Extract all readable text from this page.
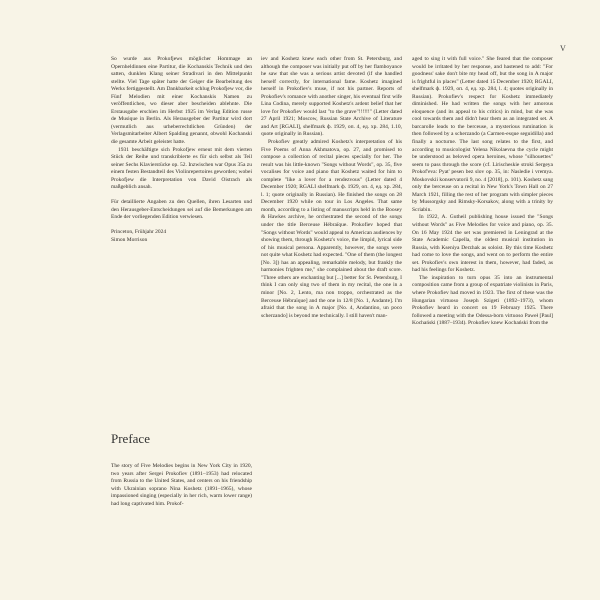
V

So wurde aus Prokofjews möglicher Hommage an Opernheldinnen eine Partitur, die Kochanskis Technik und den satten, dunklen Klang seiner Stradivari in den Mittelpunkt stellte. Viel Tage später hatte der Geiger die Bearbeitung des Werks fertiggestellt. Am Dankbarkeit schlug Prokofjew vor, die Fünf Melodien mit einer Kochanskis Namen zu veröffentlichen, wo dieser aber bescheiden ablehnte. Die Erstausgabe erschien im Herbst 1925 im Verlag Edition russe de Musique in Berlin. Als Herausgeber der Partitur wird dort (vermutlich aus urheberrechtlichen Gründen) der Verlagsmitarbeiter Albert Spalding genannt, obwohl Kochanski die gesamte Arbeit geleistet hatte.

1931 beschäftigte sich Prokofjew erneut mit dem vierten Stück der Reihe und transkribierte es für sich selbst als Teil seiner Sechs Klavierstücke op. 52. Inzwischen war Opus 35a zu einem festen Bestandteil des Violinrepertoires geworden; wobei Prokofjew die Interpretation von David Oistrach als maßgeblich ansah.

Für detaillierte Angaben zu den Quellen, ihren Lesarten und den Herausgeber-Entscheidungen sei auf die Bemerkungen am Ende der vorliegenden Edition verwiesen.

Princeton, Frühjahr 2024

Simon Morrison

Preface

The story of Five Melodies begins in New York City in 1920, two years after Sergei Prokofiev (1891–1953) had relocated from Russia to the United States, and centers on his friendship with Ukrainian soprano Nina Koshetz (1891–1965), whose impassioned singing (especially in her rich, warm lower range) had long captivated him. Prokof-

iev and Koshetz knew each other from St. Petersburg, and although the composer was initially put off by her flamboyance he saw that she was a serious artist devoted (if she handled herself correctly, for international fame. Koshetz imagined herself in Prokofiev's muse, if not his partner. Reports of Prokofiev's romance with another singer, his eventual first wife Lina Codina, merely supported Koshetz's ardent belief that her love for Prokofiev would last "to the grave"!!!!!!" (Letter dated 27 April 1921; Moscow, Russian State Archive of Literature and Art [RGALI], shelfmark ф. 1929, оп. 4, ед. хр. 284, 1.10, quote originally in Russian).

Prokofiev greatly admired Koshetz's interpretation of his Five Poems of Anna Akhmatova, op. 27, and promised to compose a collection of recital pieces specially for her. The result was his little-known "Songs without Words", op. 35, five vocalises for voice and piano that Koshetz waited for him to complete "like a lover for a rendezvous" (Letter dated 4 December 1920; RGALI shelfmark ф. 1929, оп. 4, ед. хр. 284, l. 1; quote originally in Russian). He finished the songs on 28 December 1920 while on tour in Los Angeles. That same month, according to a listing of manuscripts held in the Boosey & Hawkes archive, he orchestrated the second of the songs under the title Berceuse Hébraïque. Prokofiev hoped that "Songs without Words" would appeal to American audiences by showing them, through Koshetz's voice, the limpid, lyrical side of his musical persona. Apparently, however, the songs were not quite what Koshetz had expected. "One of them (the longest [No. 3]) has an appealing, remarkable melody, but frankly the harmonies frighten me," she complained about the draft score. "Three others are enchanting but [...] better for St. Petersburg, I think I can only sing two of them in my recital, the one in a minor [No. 2, Lento, ma non troppo, orchestrated as the Berceuse Hébraïque] and the one in 12/8 [No. 1, Andante]. I'm afraid that the song in A major [No. 4, Andantino, un poco scherzando] is beyond me technically. I still haven't man-

aged to sing it with full voice." She feared that the composer would be irritated by her response, and hastened to add: "For goodness' sake don't bite my head off, but the song in A major is frightful in places" (Letter dated 15 December 1920; RGALI, shelfmark ф. 1929, оп. 4, ед. хр. 284, l. 4; quotes originally in Russian). Prokofiev's respect for Koshetz immediately diminished. He had written the songs with her amorous eloquence (and its appeal to his critics) in mind, but she was cool towards them and didn't hear them as an integrated set. A barcarolle leads to the berceuse, a mysterious rumination is then followed by a scherzando (a Carmen-esque seguidilla) and finally a nocturne. The last song relates to the first, and according to musicologist Yelena Nikolaevna the cycle might be understood as beloved opera heroines, whose "silhouettes" seem to pass through the score (cf. Lirischeskie stroki Sergeya Prokof'eva: Pyat' pesen bez slov op. 35, in: Nasledie i vremya. Moskovskii konservatorii 9, no. 4 [2018], p. 101). Koshetz sang only the berceuse on a recital in New York's Town Hall on 27 March 1921, filling the rest of her program with simpler pieces by Mussorgsky and Rimsky-Korsakov, along with a trinity by Scriabin.

In 1922, A. Gutheil publishing house issued the "Songs without Words" as Five Melodies for voice and piano, op. 35. On 16 May 1924 the set was premiered in Leningrad at the State Academic Capella, the oldest musical institution in Russia, with Kseniya Derzhak as soloist. By this time Koshetz had come to love the songs, and went on to perform the entire set. Prokofiev's own interest in them, however, had faded, as had his feelings for Koshetz.

The inspiration to turn opus 35 into an instrumental composition came from a group of expatriate violinists in Paris, where Prokofiev had moved in 1923. The first of these was the Hungarian virtuoso Joseph Szigeti (1892–1973), whom Prokofiev heard in concert on 19 February 1925. There followed a meeting with the Odessa-born virtuoso Paweł [Paul] Kochański (1887–1934). Prokofiev knew Kochański from the
